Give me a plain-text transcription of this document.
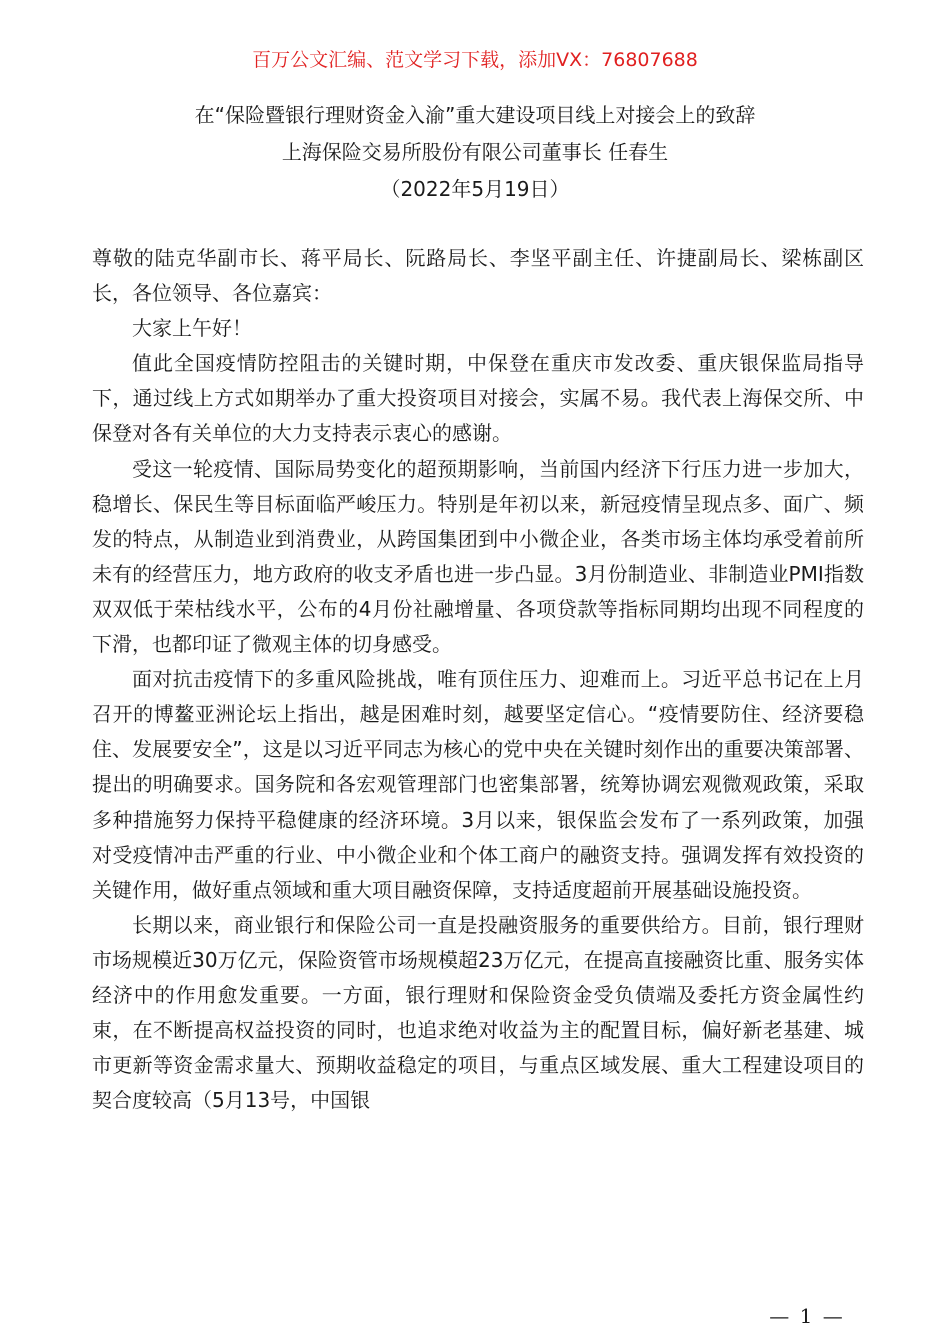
百万公文汇编、范文学习下载，添加VX：76807688
在“保险暨银行理财资金入渝”重大建设项目线上对接会上的致辞
上海保险交易所股份有限公司董事长 任春生
（2022年5月19日）

尊敬的陆克华副市长、蒋平局长、阮路局长、李坚平副主任、许捷副局长、梁栋副区长，各位领导、各位嘉宾：

大家上午好！

值此全国疫情防控阻击的关键时期，中保登在重庆市发改委、重庆银保监局指导下，通过线上方式如期举办了重大投资项目对接会，实属不易。我代表上海保交所、中保登对各有关单位的大力支持表示衷心的感谢。

受这一轮疫情、国际局势变化的超预期影响，当前国内经济下行压力进一步加大，稳增长、保民生等目标面临严峻压力。特别是年初以来，新冠疫情呈现点多、面广、频发的特点，从制造业到消费业，从跨国集团到中小微企业，各类市场主体均承受着前所未有的经营压力，地方政府的收支矛盾也进一步凸显。3月份制造业、非制造业PMI指数双双低于荣枯线水平，公布的4月份社融增量、各项贷款等指标同期均出现不同程度的下滑，也都印证了微观主体的切身感受。

面对抗击疫情下的多重风险挑战，唯有顶住压力、迎难而上。习近平总书记在上月召开的博鳌亚洲论坛上指出，越是困难时刻，越要坚定信心。“疫情要防住、经济要稳住、发展要安全”，这是以习近平同志为核心的党中央在关键时刻作出的重要决策部署、提出的明确要求。国务院和各宏观管理部门也密集部署，统筹协调宏观微观政策，采取多种措施努力保持平稳健康的经济环境。3月以来，银保监会发布了一系列政策，加强对受疫情冲击严重的行业、中小微企业和个体工商户的融资支持。强调发挥有效投资的关键作用，做好重点领域和重大项目融资保障，支持适度超前开展基础设施投资。

长期以来，商业银行和保险公司一直是投融资服务的重要供给方。目前，银行理财市场规模近30万亿元，保险资管市场规模超23万亿元，在提高直接融资比重、服务实体经济中的作用愈发重要。一方面，银行理财和保险资金受负债端及委托方资金属性约束，在不断提高权益投资的同时，也追求绝对收益为主的配置目标，偏好新老基建、城市更新等资金需求量大、预期收益稳定的项目，与重点区域发展、重大工程建设项目的契合度较高（5月13号，中国银

— 1 —
